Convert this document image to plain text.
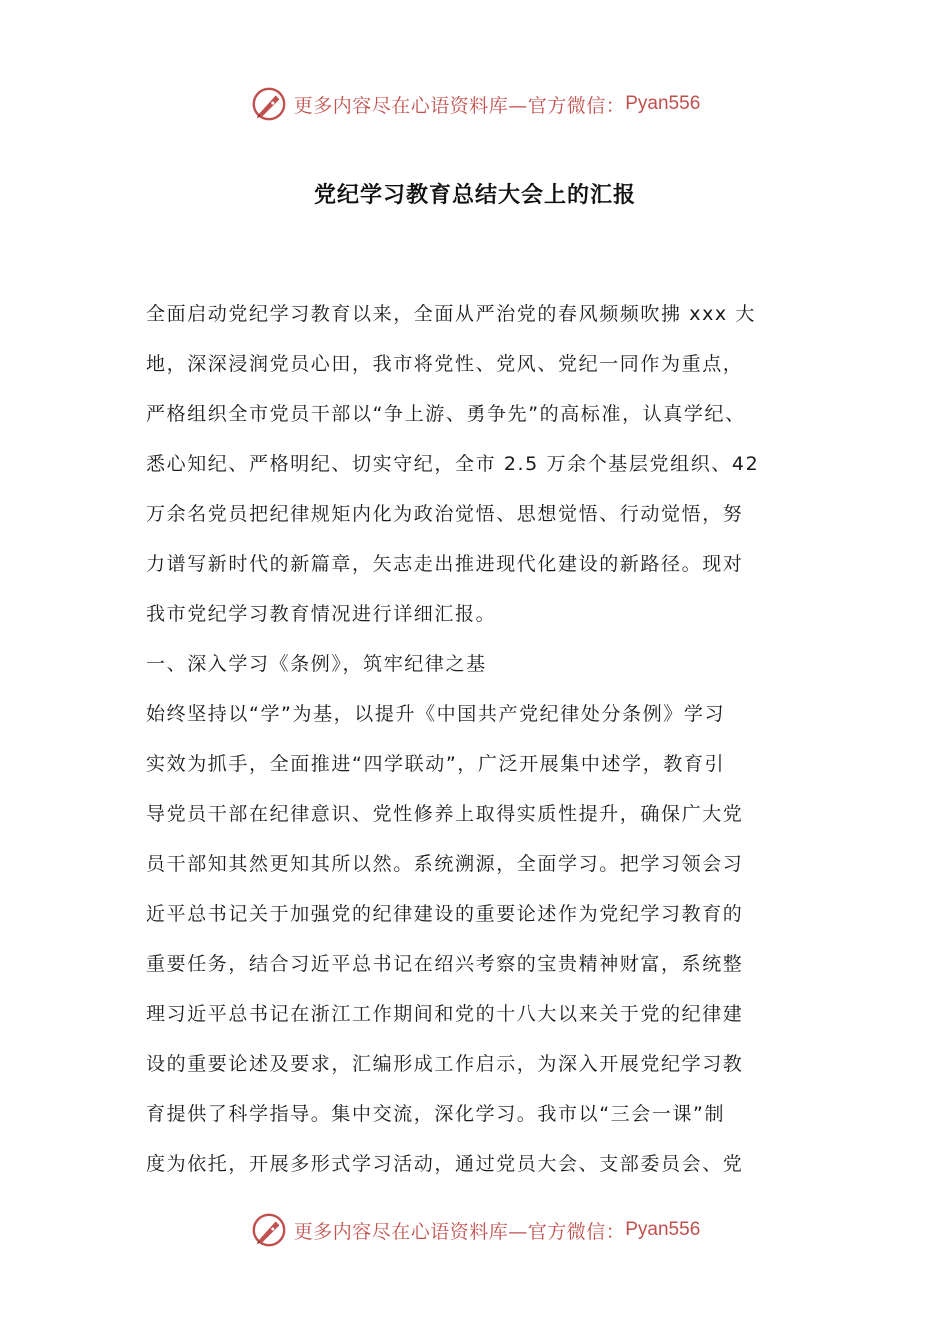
更多内容尽在心语资料库—官方微信： Pyan556
党纪学习教育总结大会上的汇报
全面启动党纪学习教育以来，全面从严治党的春风频频吹拂 xxx 大
地，深深浸润党员心田，我市将党性、党风、党纪一同作为重点，
严格组织全市党员干部以“争上游、勇争先”的高标准，认真学纪、
悉心知纪、严格明纪、切实守纪，全市 2.5 万余个基层党组织、42
万余名党员把纪律规矩内化为政治觉悟、思想觉悟、行动觉悟，努
力谱写新时代的新篇章，矢志走出推进现代化建设的新路径。现对
我市党纪学习教育情况进行详细汇报。
一、深入学习《条例》，筑牢纪律之基
始终坚持以“学”为基，以提升《中国共产党纪律处分条例》学习
实效为抓手，全面推进“四学联动”，广泛开展集中述学，教育引
导党员干部在纪律意识、党性修养上取得实质性提升，确保广大党
员干部知其然更知其所以然。系统溯源，全面学习。把学习领会习
近平总书记关于加强党的纪律建设的重要论述作为党纪学习教育的
重要任务，结合习近平总书记在绍兴考察的宝贵精神财富，系统整
理习近平总书记在浙江工作期间和党的十八大以来关于党的纪律建
设的重要论述及要求，汇编形成工作启示，为深入开展党纪学习教
育提供了科学指导。集中交流，深化学习。我市以“三会一课”制
度为依托，开展多形式学习活动，通过党员大会、支部委员会、党
更多内容尽在心语资料库—官方微信： Pyan556
